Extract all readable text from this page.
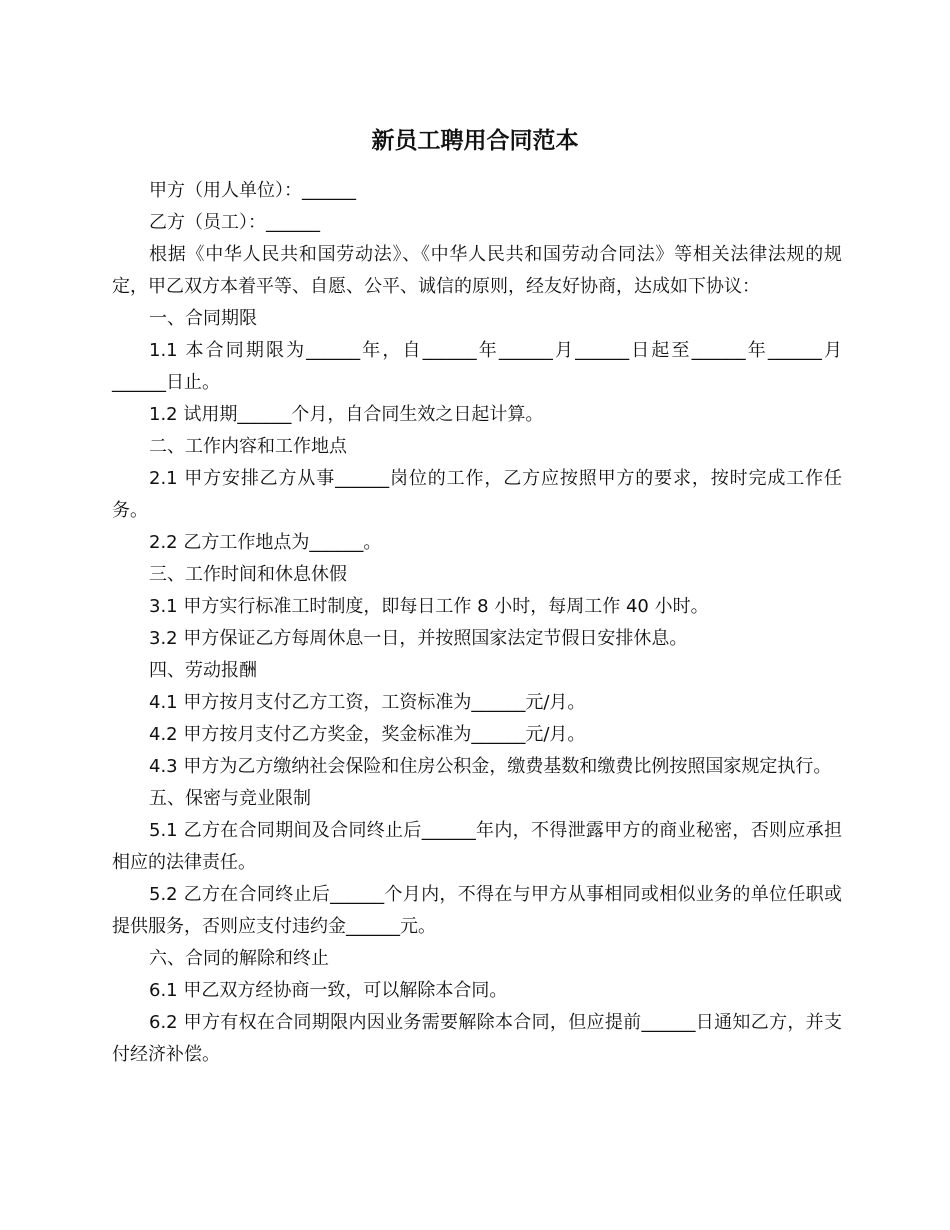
新员工聘用合同范本

甲方（用人单位）：______

乙方（员工）：______

根据《中华人民共和国劳动法》、《中华人民共和国劳动合同法》等相关法律法规的规定，甲乙双方本着平等、自愿、公平、诚信的原则，经友好协商，达成如下协议：

一、合同期限

1.1 本合同期限为______年，自______年______月______日起至______年______月______日止。

1.2 试用期______个月，自合同生效之日起计算。

二、工作内容和工作地点

2.1 甲方安排乙方从事______岗位的工作，乙方应按照甲方的要求，按时完成工作任务。

2.2 乙方工作地点为______。

三、工作时间和休息休假

3.1 甲方实行标准工时制度，即每日工作 8 小时，每周工作 40 小时。

3.2 甲方保证乙方每周休息一日，并按照国家法定节假日安排休息。

四、劳动报酬

4.1 甲方按月支付乙方工资，工资标准为______元/月。

4.2 甲方按月支付乙方奖金，奖金标准为______元/月。

4.3 甲方为乙方缴纳社会保险和住房公积金，缴费基数和缴费比例按照国家规定执行。

五、保密与竞业限制

5.1 乙方在合同期间及合同终止后______年内，不得泄露甲方的商业秘密，否则应承担相应的法律责任。

5.2 乙方在合同终止后______个月内，不得在与甲方从事相同或相似业务的单位任职或提供服务，否则应支付违约金______元。

六、合同的解除和终止

6.1 甲乙双方经协商一致，可以解除本合同。

6.2 甲方有权在合同期限内因业务需要解除本合同，但应提前______日通知乙方，并支付经济补偿。
